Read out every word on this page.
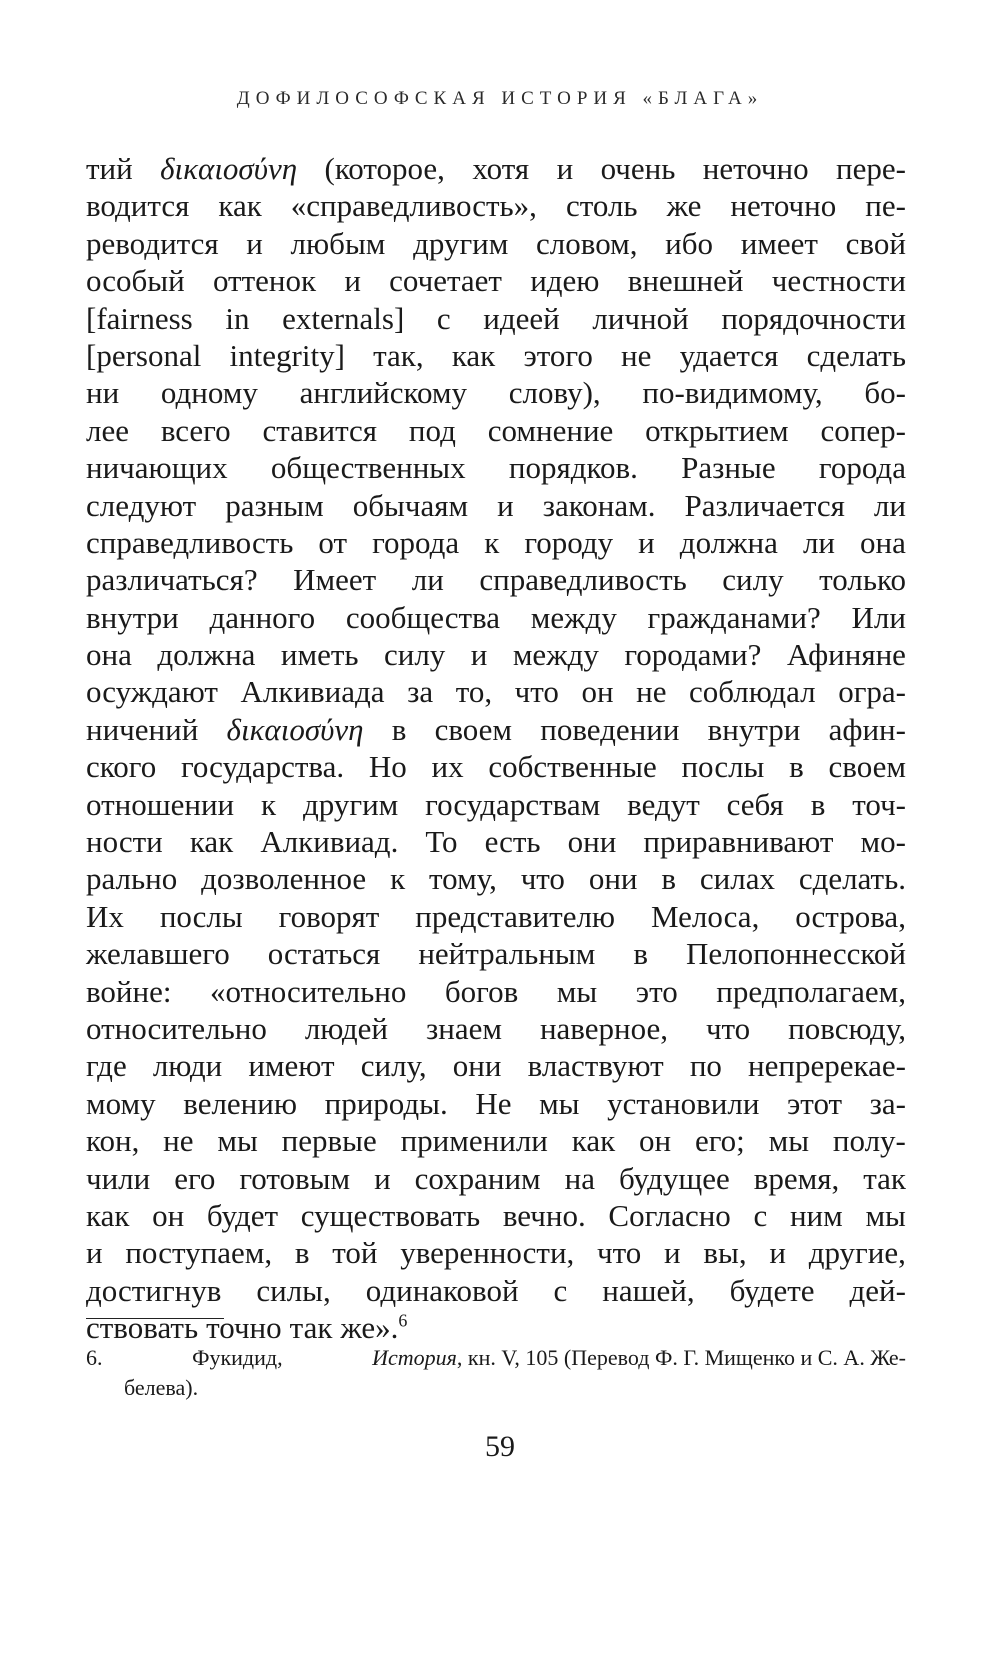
ДОФИЛОСОФСКАЯ ИСТОРИЯ «БЛАГА»
тий δικαιοσύνη (которое, хотя и очень неточно пере-
водится как «справедливость», столь же неточно пе-
реводится и любым другим словом, ибо имеет свой
особый оттенок и сочетает идею внешней честности
[fairness in externals] с идеей личной порядочности
[personal integrity] так, как этого не удается сделать
ни одному английскому слову), по-видимому, бо-
лее всего ставится под сомнение открытием сопер-
ничающих общественных порядков. Разные города
следуют разным обычаям и законам. Различается ли
справедливость от города к городу и должна ли она
различаться? Имеет ли справедливость силу только
внутри данного сообщества между гражданами? Или
она должна иметь силу и между городами? Афиняне
осуждают Алкивиада за то, что он не соблюдал огра-
ничений δικαιοσύνη в своем поведении внутри афин-
ского государства. Но их собственные послы в своем
отношении к другим государствам ведут себя в точ-
ности как Алкивиад. То есть они приравнивают мо-
рально дозволенное к тому, что они в силах сделать.
Их послы говорят представителю Мелоса, острова,
желавшего остаться нейтральным в Пелопоннесской
войне: «относительно богов мы это предполагаем,
относительно людей знаем наверное, что повсюду,
где люди имеют силу, они властвуют по непререкае-
мому велению природы. Не мы установили этот за-
кон, не мы первые применили как он его; мы полу-
чили его готовым и сохраним на будущее время, так
как он будет существовать вечно. Согласно с ним мы
и поступаем, в той уверенности, что и вы, и другие,
достигнув силы, одинаковой с нашей, будете дей-
ствовать точно так же».$^6$
6.	Фукидид,	История, кн. V, 105 (Перевод Ф. Г. Мищенко и С. А. Же-
белева).
59
